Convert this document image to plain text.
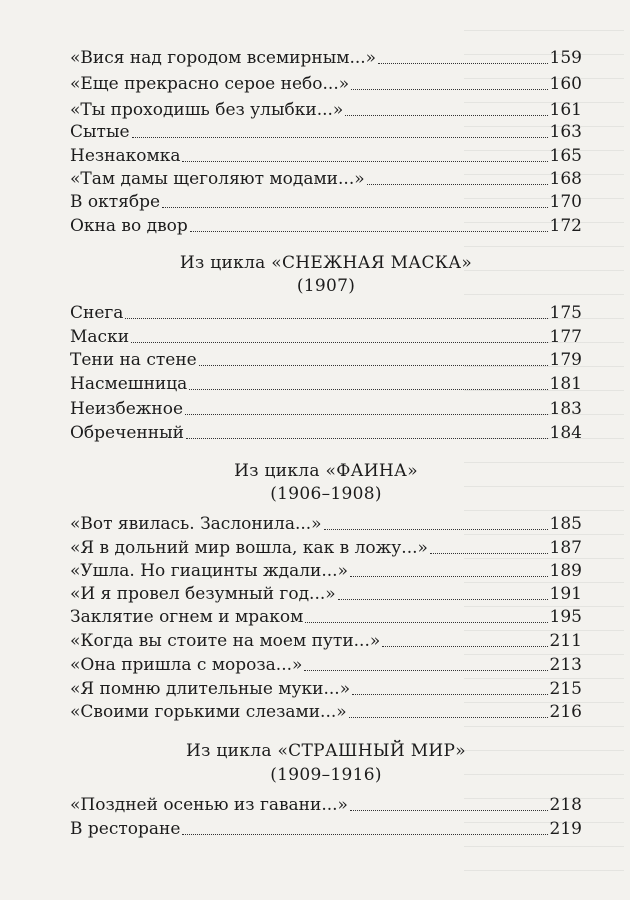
«Вися над городом всемирным...»	159
«Еще прекрасно серое небо...»	160
«Ты проходишь без улыбки...»	161
Сытые	163
Незнакомка	165
«Там дамы щеголяют модами...»	168
В октябре	170
Окна во двор	172
Из цикла «СНЕЖНАЯ МАСКА»
(1907)
Снега	175
Маски	177
Тени на стене	179
Насмешница	181
Неизбежное	183
Обреченный	184
Из цикла «ФАИНА»
(1906–1908)
«Вот явилась. Заслонила...»	185
«Я в дольний мир вошла, как в ложу...»	187
«Ушла. Но гиацинты ждали...»	189
«И я провел безумный год...»	191
Заклятие огнем и мраком	195
«Когда вы стоите на моем пути...»	211
«Она пришла с мороза...»	213
«Я помню длительные муки...»	215
«Своими горькими слезами...»	216
Из цикла «СТРАШНЫЙ МИР»
(1909–1916)
«Поздней осенью из гавани...»	218
В ресторане	219
